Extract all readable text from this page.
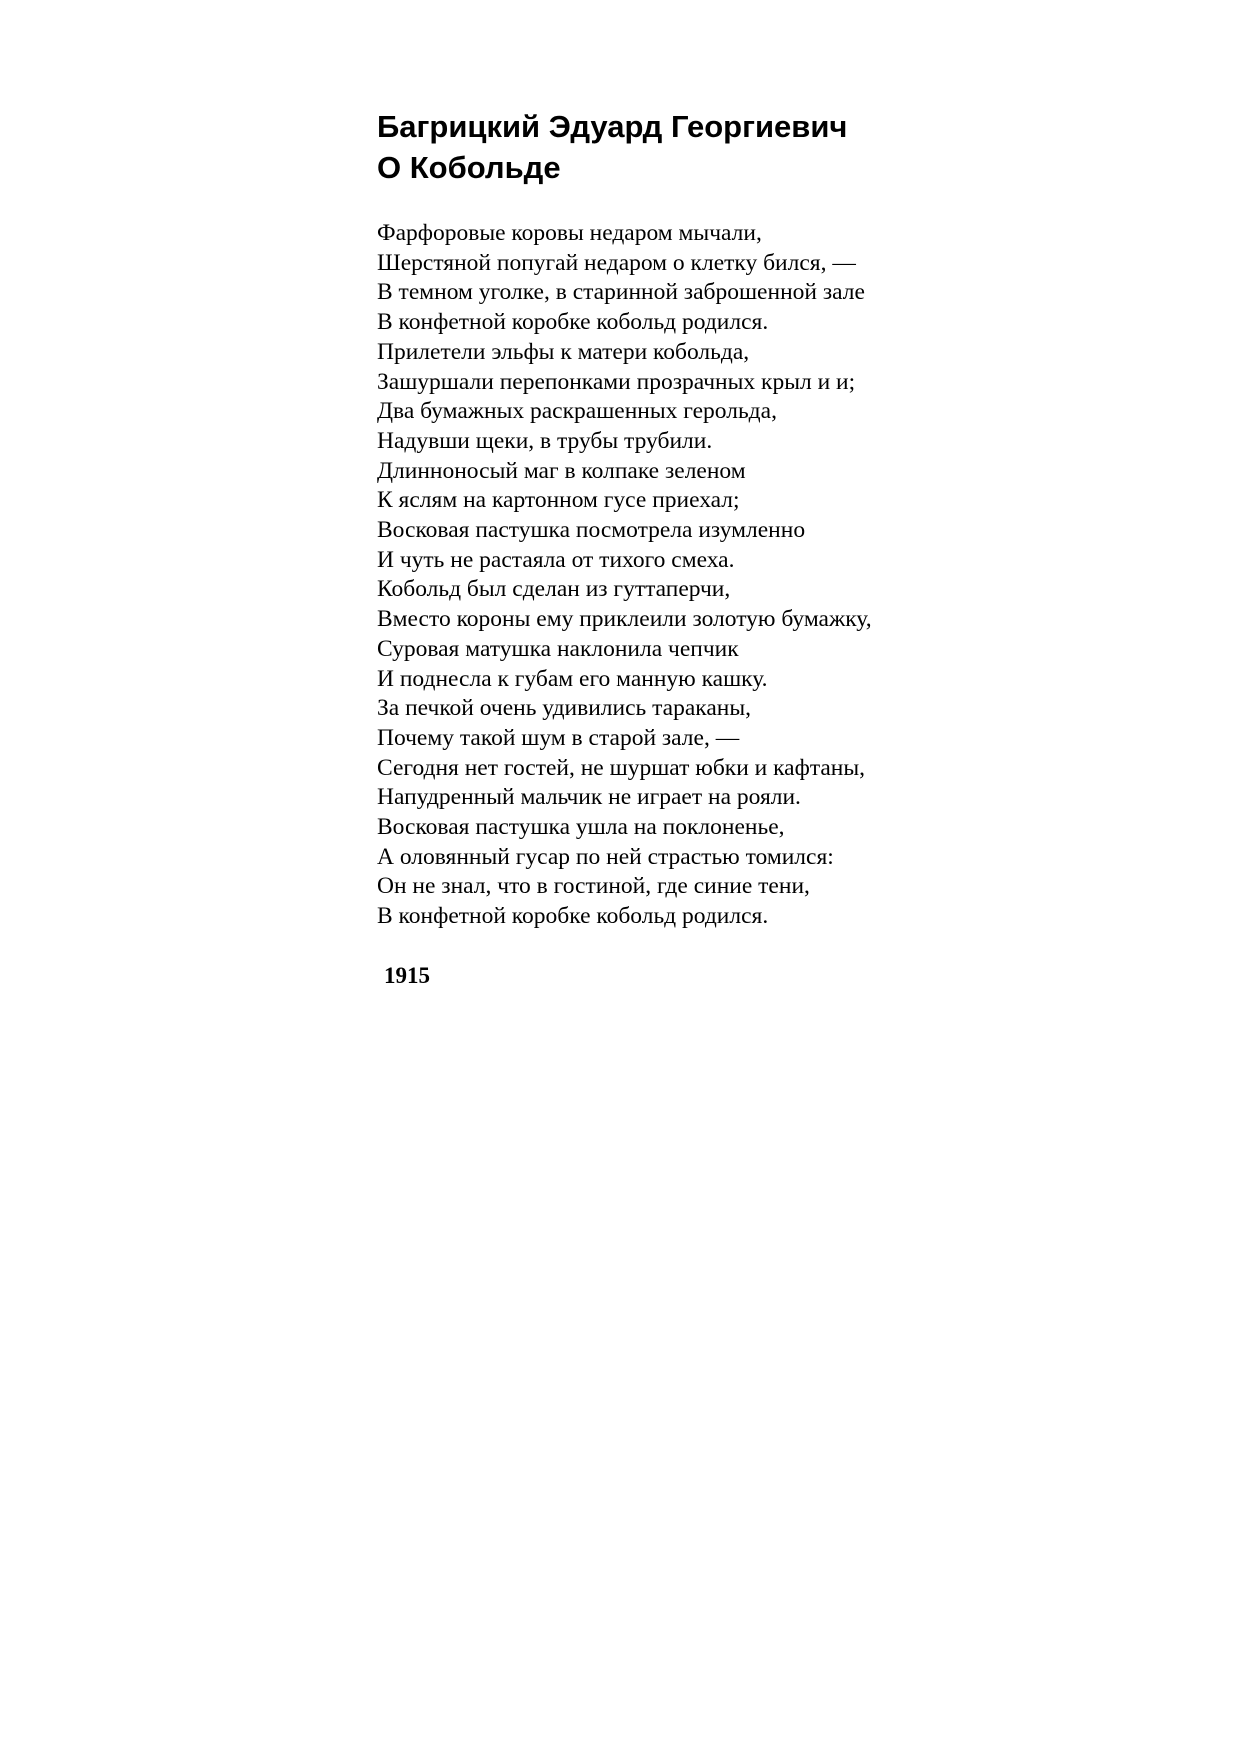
Багрицкий Эдуард Георгиевич
О Кобольде
Фарфоровые коровы недаром мычали,
Шерстяной попугай недаром о клетку бился, —
В темном уголке, в старинной заброшенной зале
В конфетной коробке кобольд родился.
Прилетели эльфы к матери кобольда,
Зашуршали перепонками прозрачных крыл и и;
Два бумажных раскрашенных герольда,
Надувши щеки, в трубы трубили.
Длинноносый маг в колпаке зеленом
К яслям на картонном гусе приехал;
Восковая пастушка посмотрела изумленно
И чуть не растаяла от тихого смеха.
Кобольд был сделан из гуттаперчи,
Вместо короны ему приклеили золотую бумажку,
Суровая матушка наклонила чепчик
И поднесла к губам его манную кашку.
За печкой очень удивились тараканы,
Почему такой шум в старой зале, —
Сегодня нет гостей, не шуршат юбки и кафтаны,
Напудренный мальчик не играет на рояли.
Восковая пастушка ушла на поклоненье,
А оловянный гусар по ней страстью томился:
Он не знал, что в гостиной, где синие тени,
В конфетной коробке кобольд родился.
1915
